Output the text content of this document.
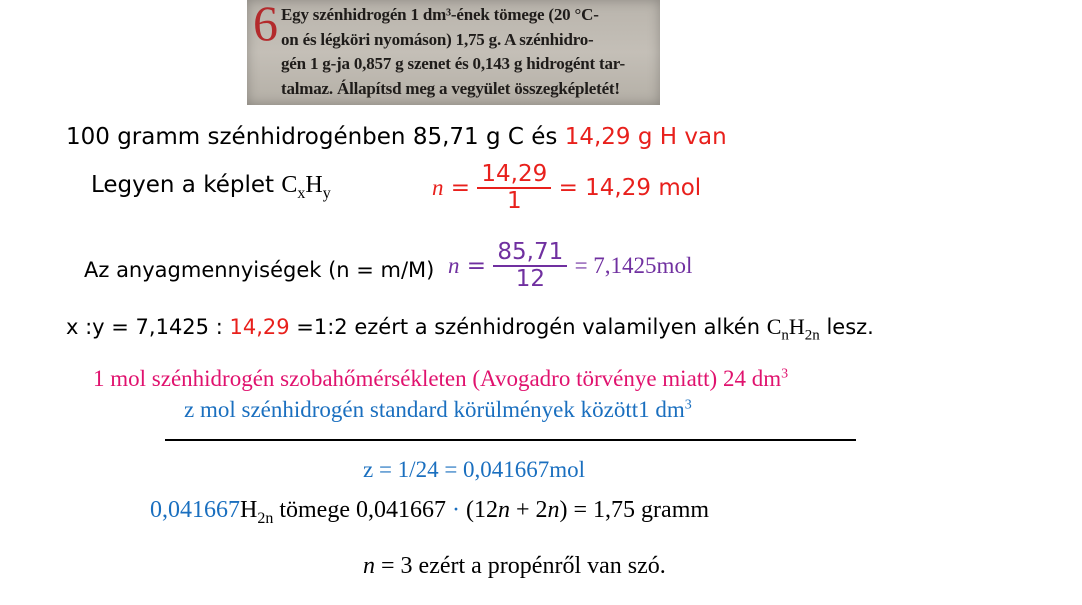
6 Egy szénhidrogén 1 dm³-ének tömege (20 °C-
on és légköri nyomáson) 1,75 g. A szénhidro-
gén 1 g-ja 0,857 g szenet és 0,143 g hidrogént tar-
talmaz. Állapítsd meg a vegyület összegképletét!
100 gramm szénhidrogénben 85,71 g C és 14,29 g H van
Legyen a képlet $C_xH_y$	$n = \frac{14,29}{1} = 14,29$ mol
Az anyagmennyiségek (n = m/M) $n = \frac{85,71}{12} = 7,1425mol$
x :y = 7,1425 : 14,29 =1:2 ezért a szénhidrogén valamilyen alkén $C_nH_{2n}$ lesz.
1 mol szénhidrogén szobahőmérsékleten (Avogadro törvénye miatt) 24 $dm^3$
z mol szénhidrogén standard körülmények között1 $dm^3$
z = 1/24 = 0,041667mol
$0,041667H_{2n}$ tömege 0,041667 · (12n + 2n) = 1,75 gramm
n = 3 ezért a propénről van szó.
